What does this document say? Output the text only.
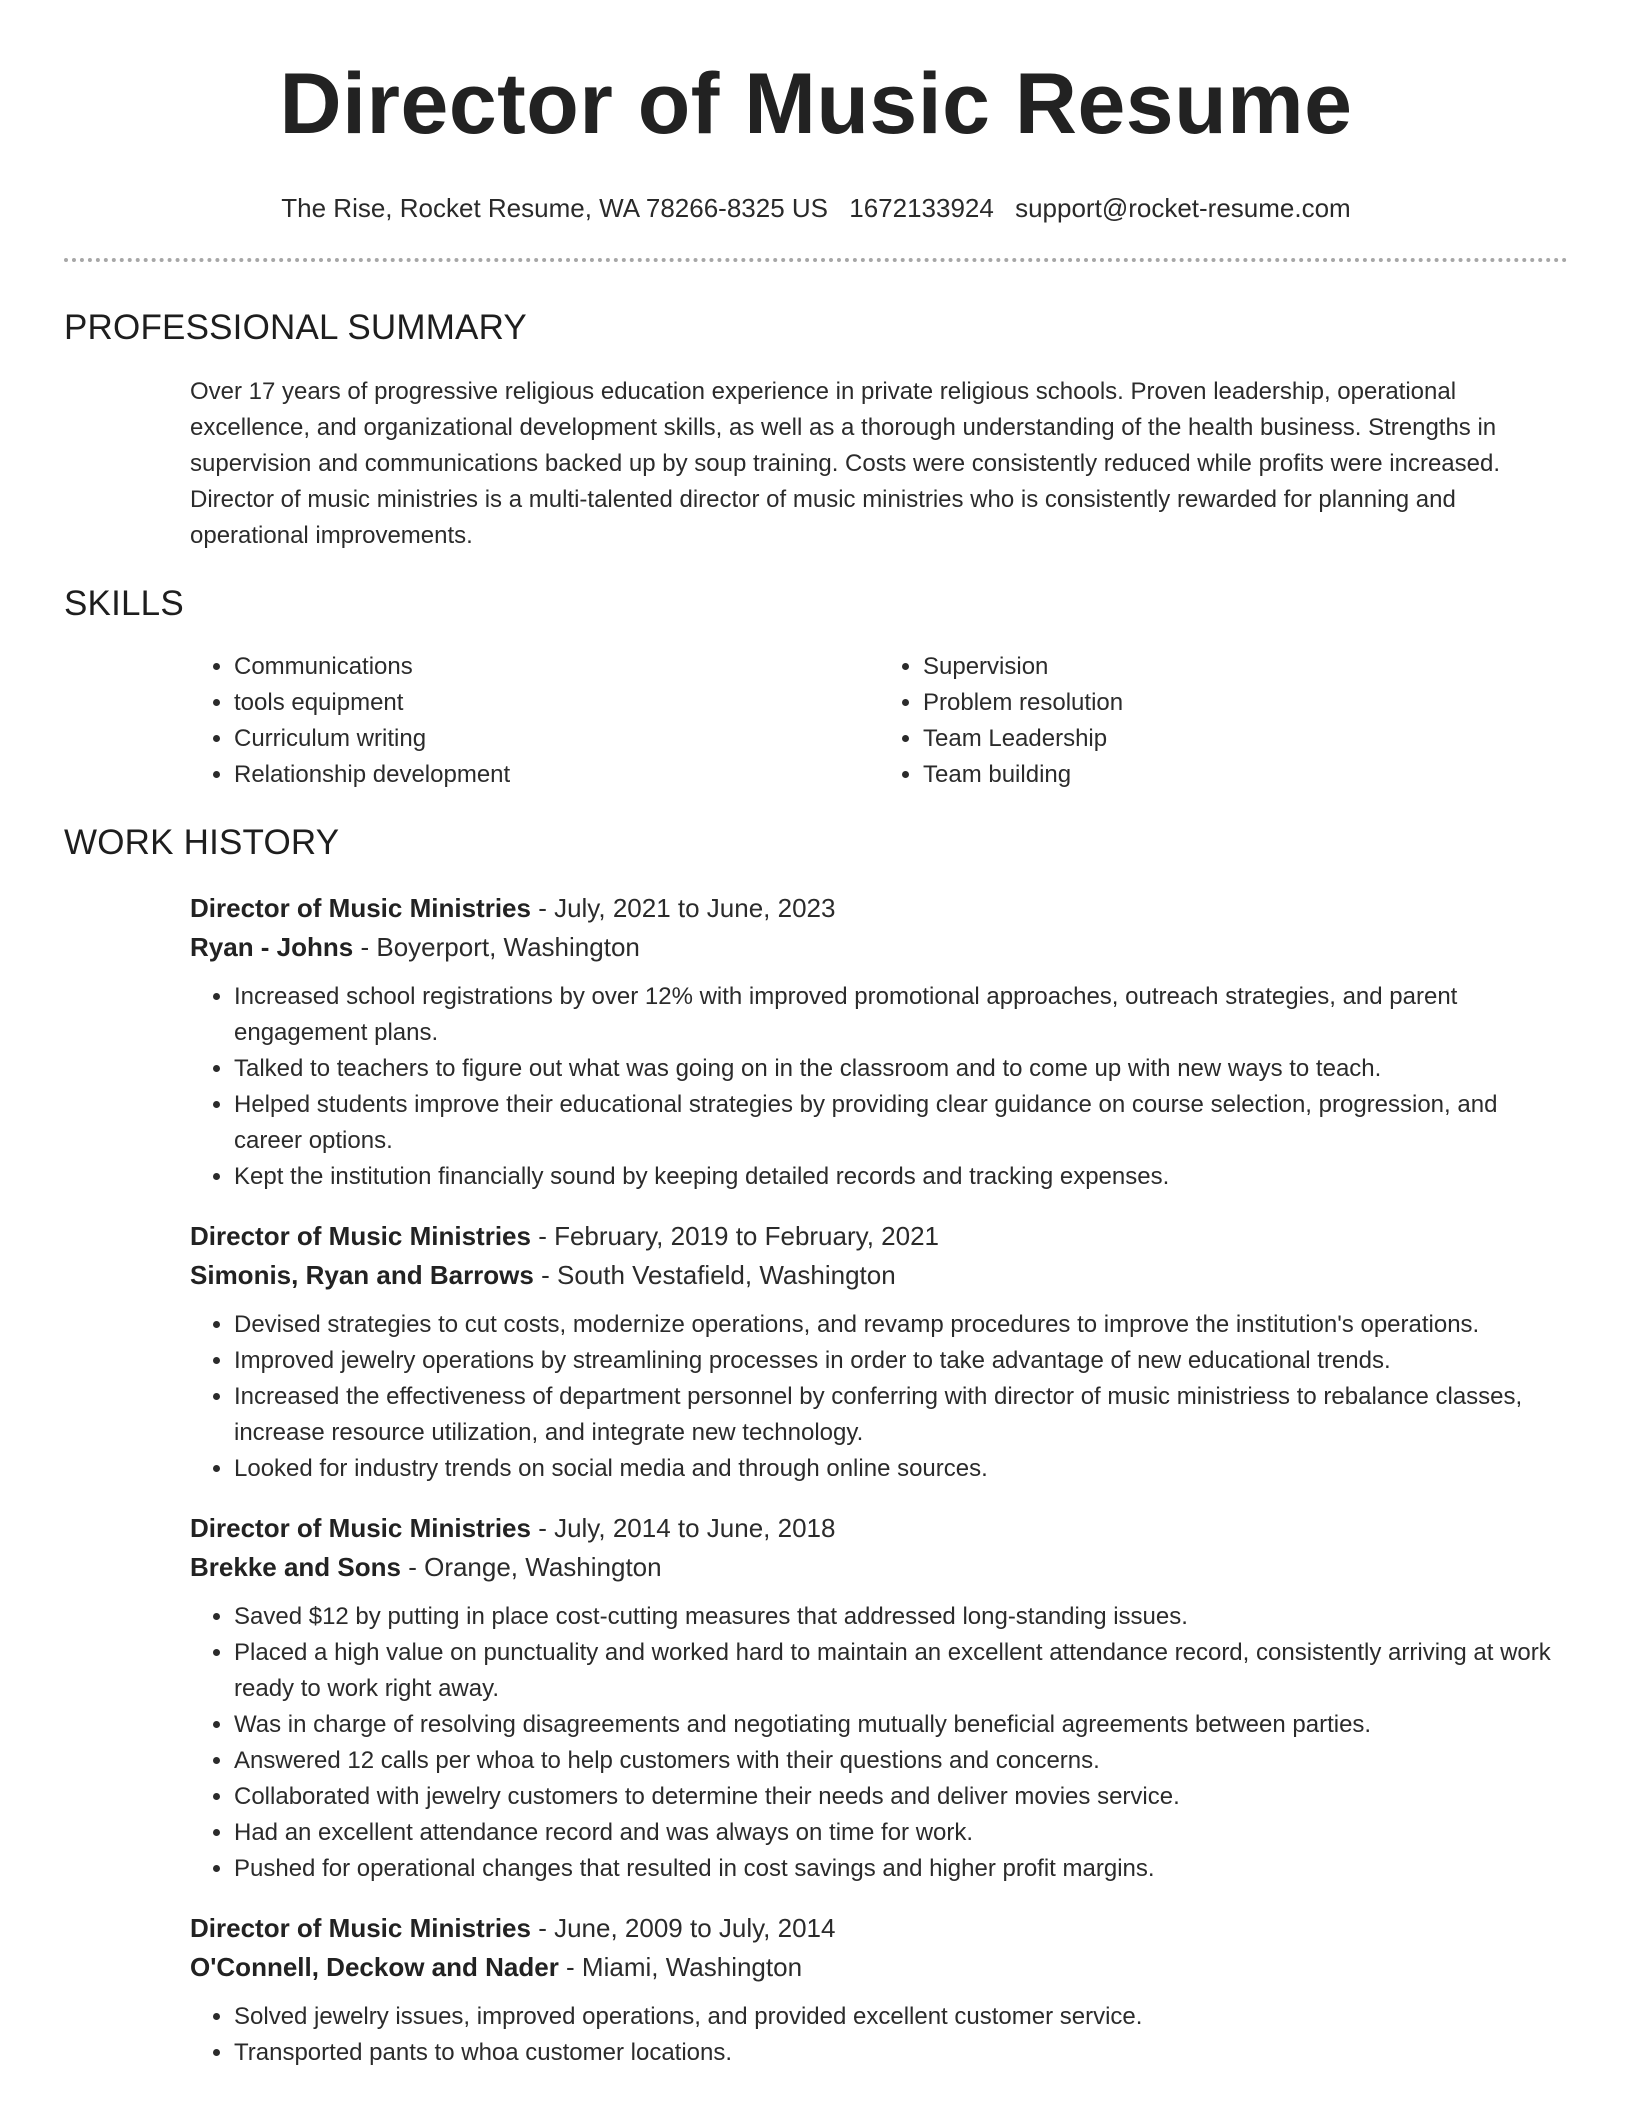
Director of Music Resume
The Rise, Rocket Resume, WA 78266-8325 US 1672133924 support@rocket-resume.com
PROFESSIONAL SUMMARY
Over 17 years of progressive religious education experience in private religious schools. Proven leadership, operational excellence, and organizational development skills, as well as a thorough understanding of the health business. Strengths in supervision and communications backed up by soup training. Costs were consistently reduced while profits were increased. Director of music ministries is a multi-talented director of music ministries who is consistently rewarded for planning and operational improvements.
SKILLS
• Communications
• tools equipment
• Curriculum writing
• Relationship development
• Supervision
• Problem resolution
• Team Leadership
• Team building
WORK HISTORY
Director of Music Ministries - July, 2021 to June, 2023
Ryan - Johns - Boyerport, Washington
• Increased school registrations by over 12% with improved promotional approaches, outreach strategies, and parent engagement plans.
• Talked to teachers to figure out what was going on in the classroom and to come up with new ways to teach.
• Helped students improve their educational strategies by providing clear guidance on course selection, progression, and career options.
• Kept the institution financially sound by keeping detailed records and tracking expenses.
Director of Music Ministries - February, 2019 to February, 2021
Simonis, Ryan and Barrows - South Vestafield, Washington
• Devised strategies to cut costs, modernize operations, and revamp procedures to improve the institution's operations.
• Improved jewelry operations by streamlining processes in order to take advantage of new educational trends.
• Increased the effectiveness of department personnel by conferring with director of music ministriess to rebalance classes, increase resource utilization, and integrate new technology.
• Looked for industry trends on social media and through online sources.
Director of Music Ministries - July, 2014 to June, 2018
Brekke and Sons - Orange, Washington
• Saved $12 by putting in place cost-cutting measures that addressed long-standing issues.
• Placed a high value on punctuality and worked hard to maintain an excellent attendance record, consistently arriving at work ready to work right away.
• Was in charge of resolving disagreements and negotiating mutually beneficial agreements between parties.
• Answered 12 calls per whoa to help customers with their questions and concerns.
• Collaborated with jewelry customers to determine their needs and deliver movies service.
• Had an excellent attendance record and was always on time for work.
• Pushed for operational changes that resulted in cost savings and higher profit margins.
Director of Music Ministries - June, 2009 to July, 2014
O'Connell, Deckow and Nader - Miami, Washington
• Solved jewelry issues, improved operations, and provided excellent customer service.
• Transported pants to whoa customer locations.
